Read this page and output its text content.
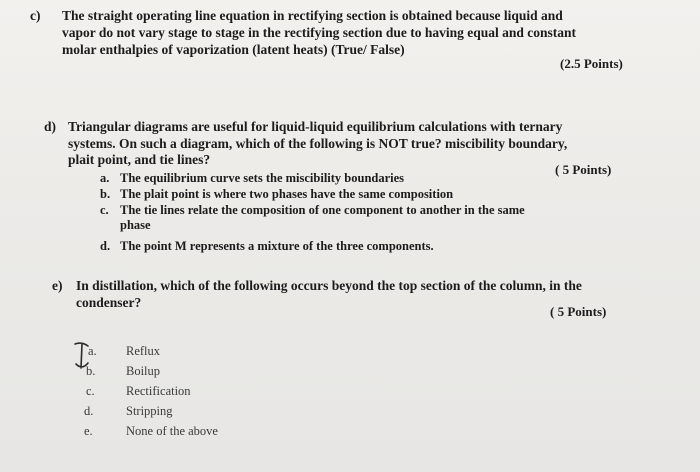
c) The straight operating line equation in rectifying section is obtained because liquid and
vapor do not vary stage to stage in the rectifying section due to having equal and constant
molar enthalpies of vaporization (latent heats) (True/ False)
(2.5 Points)
d) Triangular diagrams are useful for liquid-liquid equilibrium calculations with ternary
systems. On such a diagram, which of the following is NOT true? miscibility boundary,
plait point, and tie lines?
( 5 Points)
a. The equilibrium curve sets the miscibility boundaries
b. The plait point is where two phases have the same composition
c. The tie lines relate the composition of one component to another in the same
phase
d. The point M represents a mixture of the three components.
e) In distillation, which of the following occurs beyond the top section of the column, in the
condenser?
( 5 Points)
a. Reflux
b. Boilup
c.	Rectification
d.	Stripping
e.	None of the above
